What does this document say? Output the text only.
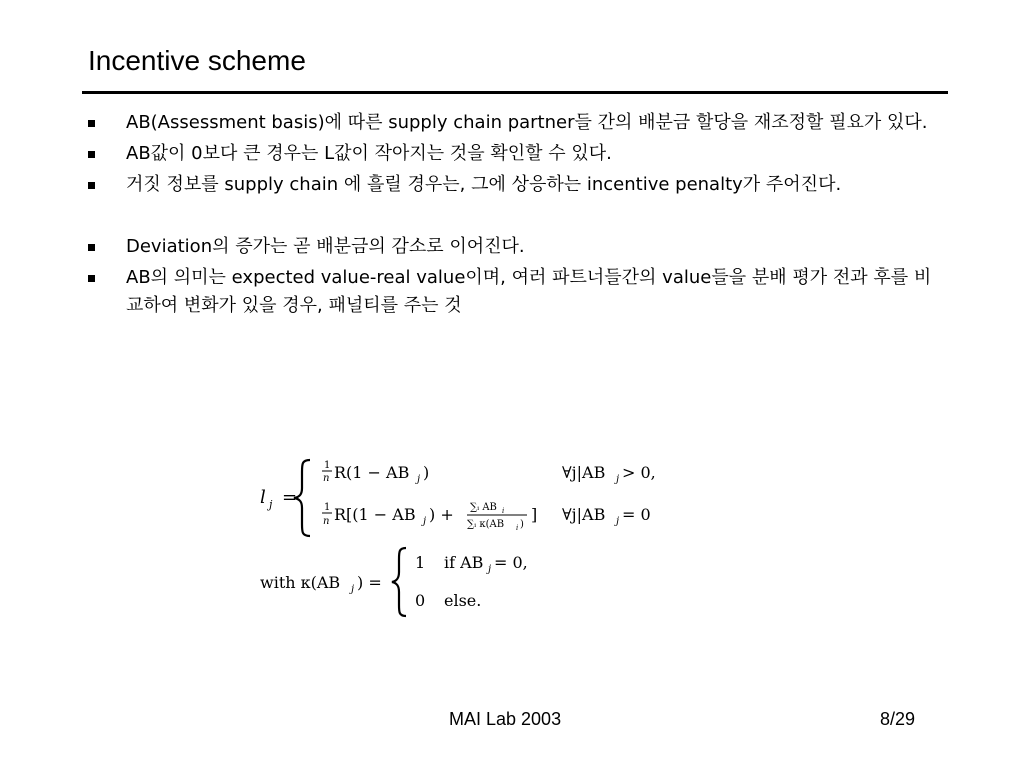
Incentive scheme
AB(Assessment basis)에 따른 supply chain partner들 간의 배분금 할당을 재조정할 필요가 있다.
AB값이 0보다 큰 경우는 L값이 작아지는 것을 확인할 수 있다.
거짓 정보를 supply chain 에 흘릴 경우는, 그에 상응하는 incentive penalty가 주어진다.
Deviation의 증가는 곧 배분금의 감소로 이어진다.
AB의 의미는 expected value-real value이며, 여러 파트너들간의 value들을 분배 평가 전과 후를 비교하여 변화가 있을 경우, 패널티를 주는 것
l j =
1
n R(1 − AB j )	∀j|AB j > 0,
1
n R[(1 − AB j ) + ∑ᵢ AB i
∑ᵢ κ(AB i )
] ∀j|AB j = 0
with κ(AB j ) =
1 if AB j = 0,
0 else.
MAI Lab 2003	8/29
